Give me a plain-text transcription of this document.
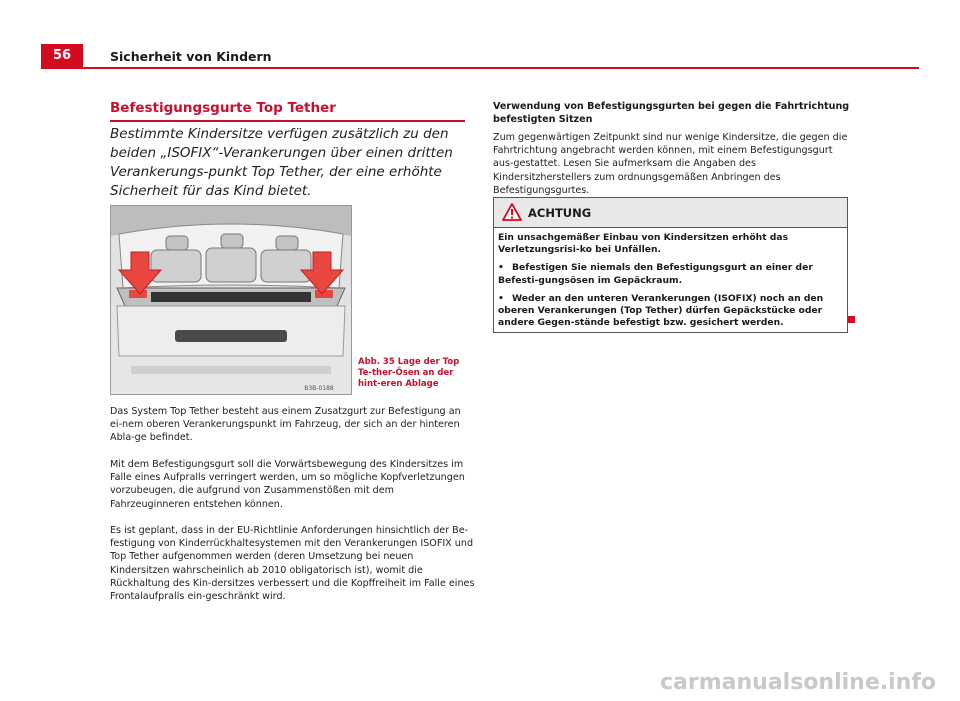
56	Sicherheit von Kindern
Befestigungsgurte Top Tether
Bestimmte Kindersitze verfügen zusätzlich zu den beiden „ISOFIX“-Verankerungen über einen dritten Verankerungs-punkt Top Tether, der eine erhöhte Sicherheit für das Kind bietet.
B3B-0188
Abb. 35 Lage der Top Te-ther-Ösen an der hint-eren Ablage
Das System Top Tether besteht aus einem Zusatzgurt zur Befestigung an ei-nem oberen Verankerungspunkt im Fahrzeug, der sich an der hinteren Abla-ge befindet.
Mit dem Befestigungsgurt soll die Vorwärtsbewegung des Kindersitzes im Falle eines Aufpralls verringert werden, um so mögliche Kopfverletzungen vorzubeugen, die aufgrund von Zusammenstößen mit dem Fahrzeuginneren entstehen können.
Es ist geplant, dass in der EU-Richtlinie Anforderungen hinsichtlich der Be-festigung von Kinderrückhaltesystemen mit den Verankerungen ISOFIX und Top Tether aufgenommen werden (deren Umsetzung bei neuen Kindersitzen wahrscheinlich ab 2010 obligatorisch ist), womit die Rückhaltung des Kin-dersitzes verbessert und die Kopffreiheit im Falle eines Frontalaufpralls ein-geschränkt wird.
Verwendung von Befestigungsgurten bei gegen die Fahrtrichtung befestigten Sitzen
Zum gegenwärtigen Zeitpunkt sind nur wenige Kindersitze, die gegen die Fahrtrichtung angebracht werden können, mit einem Befestigungsgurt aus-gestattet. Lesen Sie aufmerksam die Angaben des Kindersitzherstellers zum ordnungsgemäßen Anbringen des Befestigungsgurtes.
ACHTUNG

Ein unsachgemäßer Einbau von Kindersitzen erhöht das Verletzungsrisi-ko bei Unfällen.

• Befestigen Sie niemals den Befestigungsgurt an einer der Befesti-gungsösen im Gepäckraum.

• Weder an den unteren Verankerungen (ISOFIX) noch an den oberen Verankerungen (Top Tether) dürfen Gepäckstücke oder andere Gegen-stände befestigt bzw. gesichert werden.

carmanualsonline.info
